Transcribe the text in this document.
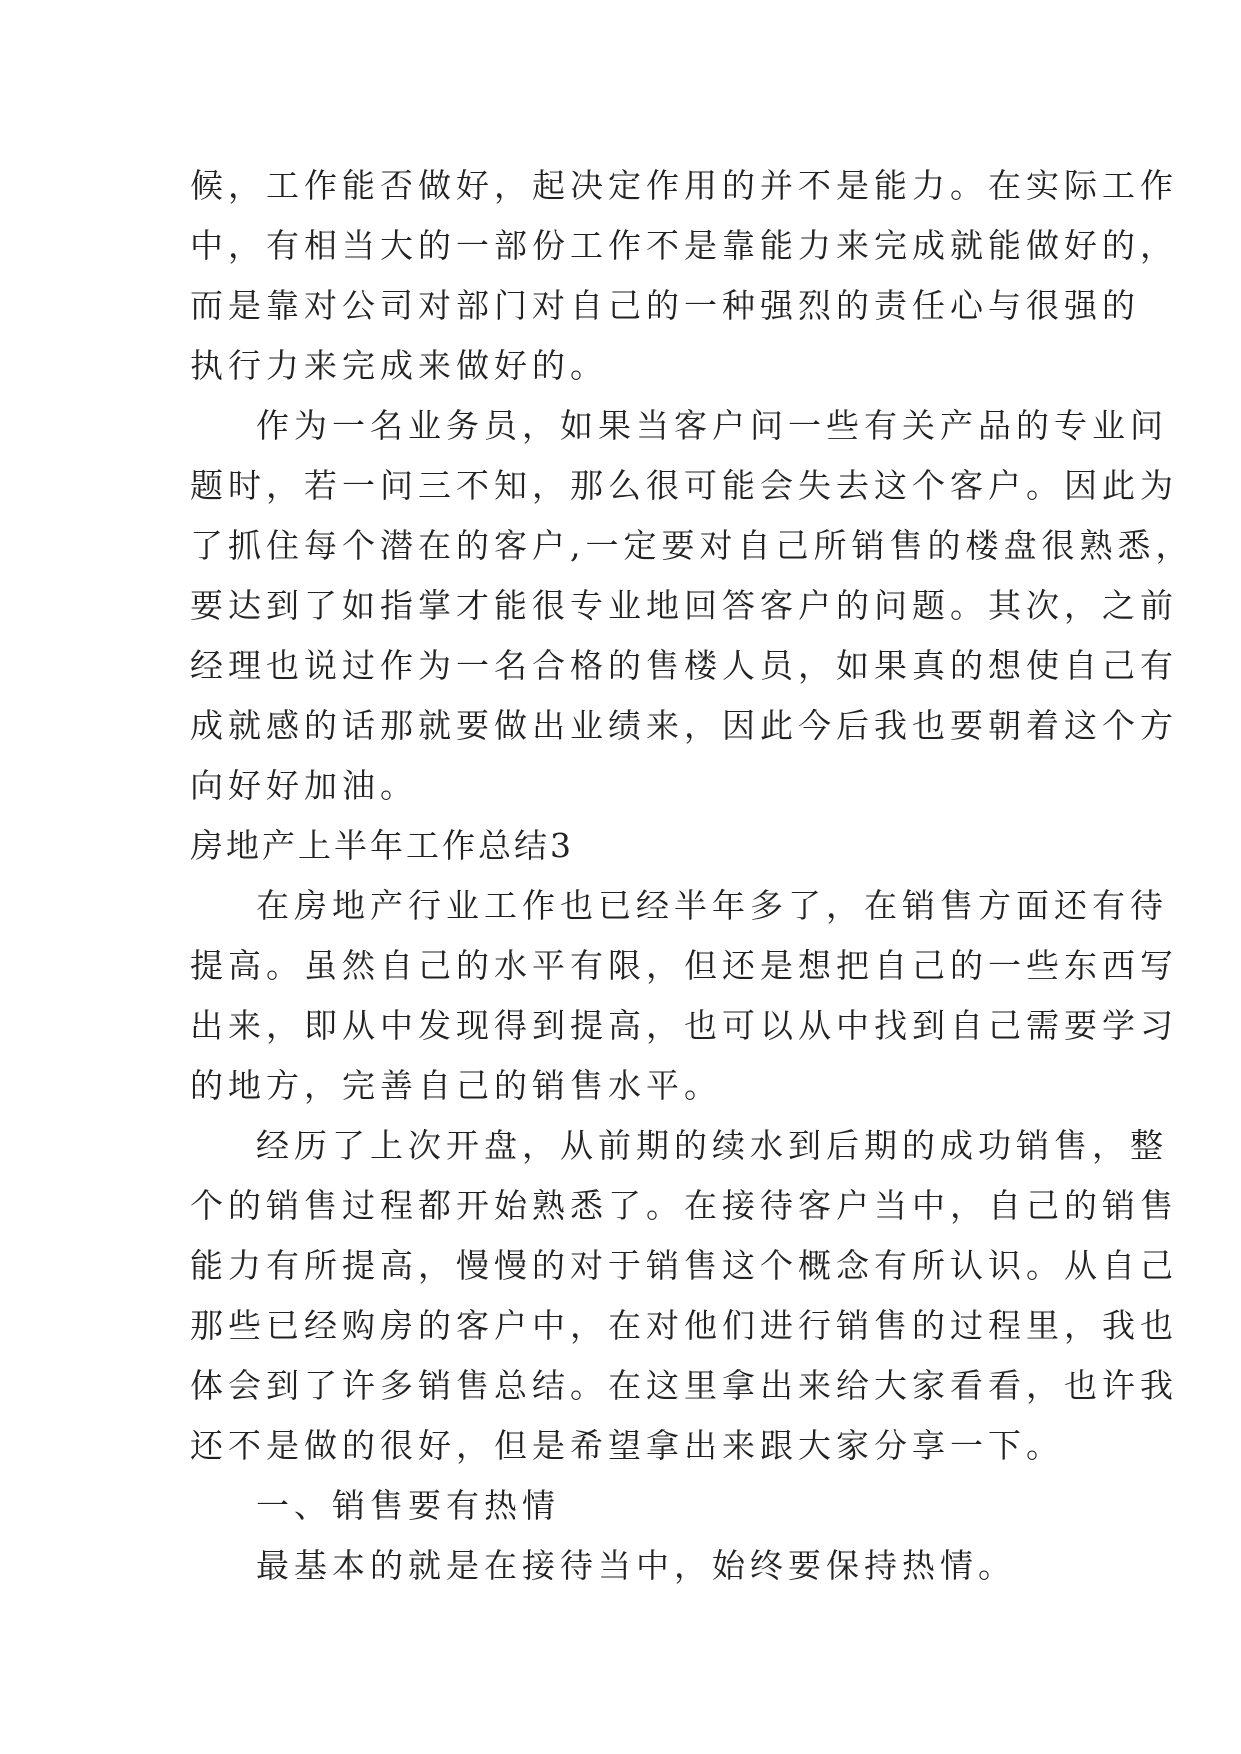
候，工作能否做好，起决定作用的并不是能力。在实际工作
中，有相当大的一部份工作不是靠能力来完成就能做好的，
而是靠对公司对部门对自己的一种强烈的责任心与很强的
执行力来完成来做好的。
作为一名业务员，如果当客户问一些有关产品的专业问
题时，若一问三不知，那么很可能会失去这个客户。因此为
了抓住每个潜在的客户,一定要对自己所销售的楼盘很熟悉，
要达到了如指掌才能很专业地回答客户的问题。其次，之前
经理也说过作为一名合格的售楼人员，如果真的想使自己有
成就感的话那就要做出业绩来，因此今后我也要朝着这个方
向好好加油。
房地产上半年工作总结3
在房地产行业工作也已经半年多了，在销售方面还有待
提高。虽然自己的水平有限，但还是想把自己的一些东西写
出来，即从中发现得到提高，也可以从中找到自己需要学习
的地方，完善自己的销售水平。
经历了上次开盘，从前期的续水到后期的成功销售，整
个的销售过程都开始熟悉了。在接待客户当中，自己的销售
能力有所提高，慢慢的对于销售这个概念有所认识。从自己
那些已经购房的客户中，在对他们进行销售的过程里，我也
体会到了许多销售总结。在这里拿出来给大家看看，也许我
还不是做的很好，但是希望拿出来跟大家分享一下。
一、销售要有热情
最基本的就是在接待当中，始终要保持热情。
